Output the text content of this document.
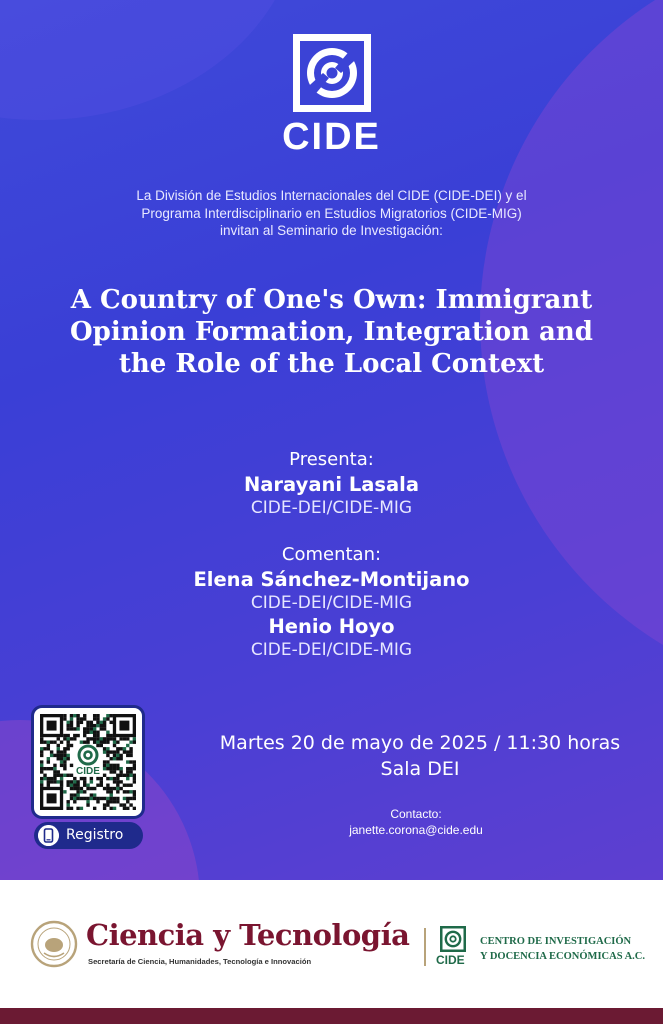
CIDE
La División de Estudios Internacionales del CIDE (CIDE-DEI) y el
Programa Interdisciplinario en Estudios Migratorios (CIDE-MIG)
invitan al Seminario de Investigación:
A Country of One's Own: Immigrant
Opinion Formation, Integration and
the Role of the Local Context
Presenta:
Narayani Lasala
CIDE-DEI/CIDE-MIG
Comentan:
Elena Sánchez-Montijano
CIDE-DEI/CIDE-MIG
Henio Hoyo
CIDE-DEI/CIDE-MIG
CIDE
Registro
Martes 20 de mayo de 2025 / 11:30 horas
Sala DEI
Contacto:
janette.corona@cide.edu
Ciencia y Tecnología
Secretaría de Ciencia, Humanidades, Tecnología e Innovación	CIDE
CENTRO DE INVESTIGACIÓN
Y DOCENCIA ECONÓMICAS A.C.
